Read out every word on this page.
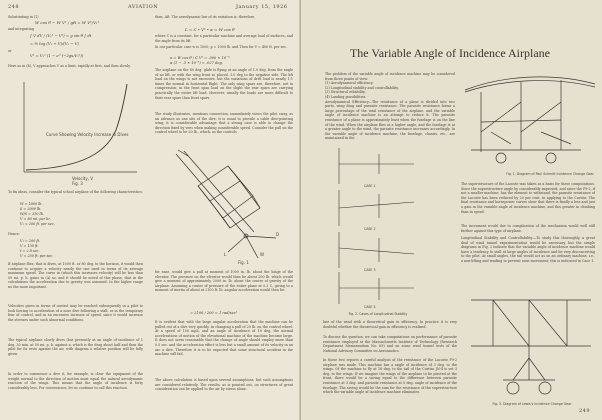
248	AVIATION	January 15, 1926
Substituting in (1)
W cos θ − W V² / gR = W V²/V₁²
and integrating
∫ V dV / (V₁² − V²) = g sin θ ∫ dt
= ½ log (V₁ + V)/(V₁ − V)
or
V² = V₁² (1 − e^(−2gs/V₁²))
Here as in (4), V approaches V as a limit, rapidly at first, and then slowly.
Curve Showing Velocity Increase in Dives
Velocity, V
Fig. 3
To fix ideas, consider the typical school airplane of the following characteristics:
W = 1800 lb.
S = 2000 lb.
W/S = 310 lb.
V = 80 mi. per hr.
V₁ = 200 ft. per sec.
Hence:
V₁ = 200 ft.
V = 150 ft.
t = 2.8 sec.
V = 250 ft. per sec.
If airplane flies, that is dives, at 1000 ft. or 80 deg. to the horizon, it would then continue to acquire a velocity nearly the one used in terms of its average maximum speed. The curve in (which this increases velocity) will be less than 50 mi. p. h. gains in (A) so, and it should be noted of this phase, that in the calculations the acceleration due to gravity was assumed. In the higher range no the more important.
Velocities given in terms of control may be reached subsequently in a pilot to look forcing to acceleration of a nose dive following a stall, or in the temporary fear of control, and in an excessive increase of speed, since it would increase the stresses under such abnormal conditions.
The typical airplane slowly dives (but presently at an angle of incidence of 1 deg. 30 min. at 50 mi. p. h. against a, which is the drag about half and then the pilot for its rests against the air, with diagram a relative position will be fully given.
In order to commence a dive it, for example, is clear the equipment of the weight normal to the direction of motion must equal the natural aerodynamic reaction of the wings. This means that the angle of incidence is forty considerably less. For convenience, let us continue to call this reaction.
then, AR. The aerodynamic law of its variation is, therefore,
L = C ∙ V² ∙ α = W cos θ
where C is a constant, for a particular machine and average load of surfaces, and the angle from its lift.
In our particular case w is 1000, p = 1000 lb. and Then for V = 400 ft. per sec.
a = W cos θ / C V² = .000 × 10⁻³
α (1 − .5 × 10⁻³) = .027 deg.
The airplane on the 80 deg. glide is flying at an angle of 1.0 deg. from the angle of no lift, or with the wing front so placed. 1.0 deg to the negative side. The lift load on the wings is not excessive, but the variations of drift load is nearly 1:1 times the normal in horizontal flight. The only wing spars are, therefore, not in compression; in the front span load on the slight the rear spars are carrying practically the entire lift load. However, usually the loads are more difficult to their rear spars than front spars.
The study illustrates, mentions connection, immediately views the pilot sway, as an advance as one sits of the dive, it is usual to provide a cable dive-pointing wing; it is considerable advantage that a strong case is able to change the direction fixed by vees when making considerable speed. Consider the pull on the control wheel to be 20 lb., which, as the controls
W
L
D
Fig. 1
for ease, would give a pull at moment of 1000 in. lb. about the hinge of the elevator. The pressure on the elevator would then be about 200 lb. which would give a moment of approximately 2000 in. lb. about the center of gravity of the airplane. Assuming a center of pressure of the entire plane at 0.3 C, giving to a moment of inertia of about at 2100 ft. lb. angular acceleration would then be:
= 2100 / 200 = 1 rad/sec²
It is evident that with the large angular acceleration that the machine can be pulled out of a dive very quickly. In changing a pull of 20 lb. on the control wheel. At a speed of 100 mph, and an angle of incidence of 18 deg. the normal accelerations of motion of the elevational machine of the machine become large. It does not seem reasonable that the change of angle should employ more than 0.5 sec. and the acceleration effect is less but a small amount of its velocity in an arc a dive. Therefore it is to be expected that some structural accident in the machine will fail.
The above calculation is based upon several assumptions, but such assumptions are considered relatively. The results, as is pointed out, on structures of great consideration can be applied to the air by stress alone.
The problem of the variable angle of incidence machine may be considered from three points of view:
(1) Aerodynamical efficiency.
(2) Longitudinal stability and controllability.
(3) Structural reliability.
(4) Landing possibilities.
Aerodynamical Efficiency—The resistance of a plane is divided into two parts, wing drag and parasite resistance. The parasite resistance forms a large percentage of the total resistance of the airplane, and the variable angle of incidence machine is an attempt to reduce it. The parasite resistance of a plane is approximately least when the fuselage is on the line of the wind. When the airplane flies at a higher angle, and the fuselage is at a greater angle to the wind, the parasite resistance increases accordingly. In the variable angle of incidence machine, the fuselage, chassis, etc., are maintained in the
Fig. 1. Diagram of Paul Schmitt Incidence Change Gear
CASE 1
CASE 2
CASE 3
CASE 4
Fig. 2. Cases of Longitudinal Stability
The superstructure of the Lacoste was taken as a basis for these computations. Since the superstructure angle by considerably improved, and since the F9-2, if not a smaller machine, has the element to withstand, the parasite resistance of the Lacoste has been reduced by 20 per cent. in applying to the Curtiss. The final resistance and horsepower curves show that there is finally a less and just a gain in the variable angle of incidence machine, and this greater in climbing than in speed.
The increment would due to complication of the mechanism would well still further against this type of airplane.
Longitudinal Stability and Controllability.—To study this thoroughly, a great deal of wind tunnel experimentation would be necessary, but the simple diagrams in Fig. 2 indicate that the variable angle of incidence machine would have a tendency to stall at large angles of incidence and be very disconcerting to the pilot. At small angles, the tail would act as on an ordinary machine, i.e., a non-lifting and tending to prevent nose movement; this is indicated in Case 1.
line of the wind with a theoretical gain in efficiency. In practice it is very doubtful whether the theoretical gain in efficiency is realized.
To discuss the question, we can take computations on performance of parasite resistance employed at the Massachusetts Institute of Technology (Research Department Memorandum No. 69) and on some wind tunnel tests of the National Advisory Committee on Aeronautics.
In these two reports a careful analysis of the resistance of the Lacoste F9-2 airplane was made. This machine has a angle of incidence of 3 deg. to the wings. Of the machine to fly at 18 deg. to the tail of the Curtiss JN-4 is set 3 deg. to the wings. If we imagine the wings of the airplane to be pivoted at the front, there would be a saving equal to the difference between parasite resistance at 3 deg. and parasite resistance at 0 deg. angle of incidence of the fuselage. The saving would be the sum for the resistance of the superstructure which the variable angle of incidence machine eliminates.
Fig. 3. Diagram of Lewis's Incidence Change Gear
249
The Variable Angle of Incidence Airplane
